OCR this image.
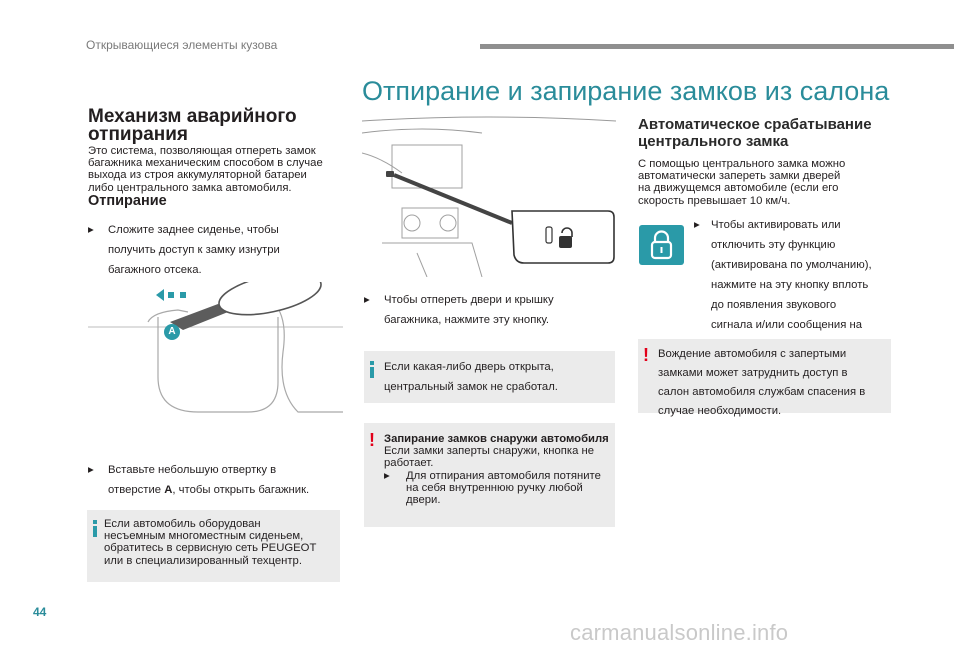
Открывающиеся элементы кузова
Отпирание и запирание замков из салона
Механизм аварийного
отпирания
Это система, позволяющая отпереть замок
багажника механическим способом в случае
выхода из строя аккумуляторной батареи
либо центрального замка автомобиля.
Отпирание
▸ Сложите заднее сиденье, чтобы
получить доступ к замку изнутри
багажного отсека.
A
▸ Вставьте небольшую отвертку в
отверстие A, чтобы открыть багажник.
Если автомобиль оборудован
несъемным многоместным сиденьем,
обратитесь в сервисную сеть PEUGEOT
или в специализированный техцентр.
▸ Чтобы отпереть двери и крышку
багажника, нажмите эту кнопку.
Если какая-либо дверь открыта,
центральный замок не сработал.
! Запирание замков снаружи автомобиля
Если замки заперты снаружи, кнопка не
работает.
▸ Для отпирания автомобиля потяните
на себя внутреннюю ручку любой
двери.
Автоматическое срабатывание
центрального замка
С помощью центрального замка можно
автоматически запереть замки дверей
на движущемся автомобиле (если его
скорость превышает 10 км/ч.
▸ Чтобы активировать или
отключить эту функцию
(активирована по умолчанию),
нажмите на эту кнопку вплоть
до появления звукового
сигнала и/или сообщения на
! Вождение автомобиля с запертыми
замками может затруднить доступ в
салон автомобиля службам спасения в
случае необходимости.
44
carmanualsonline.info
